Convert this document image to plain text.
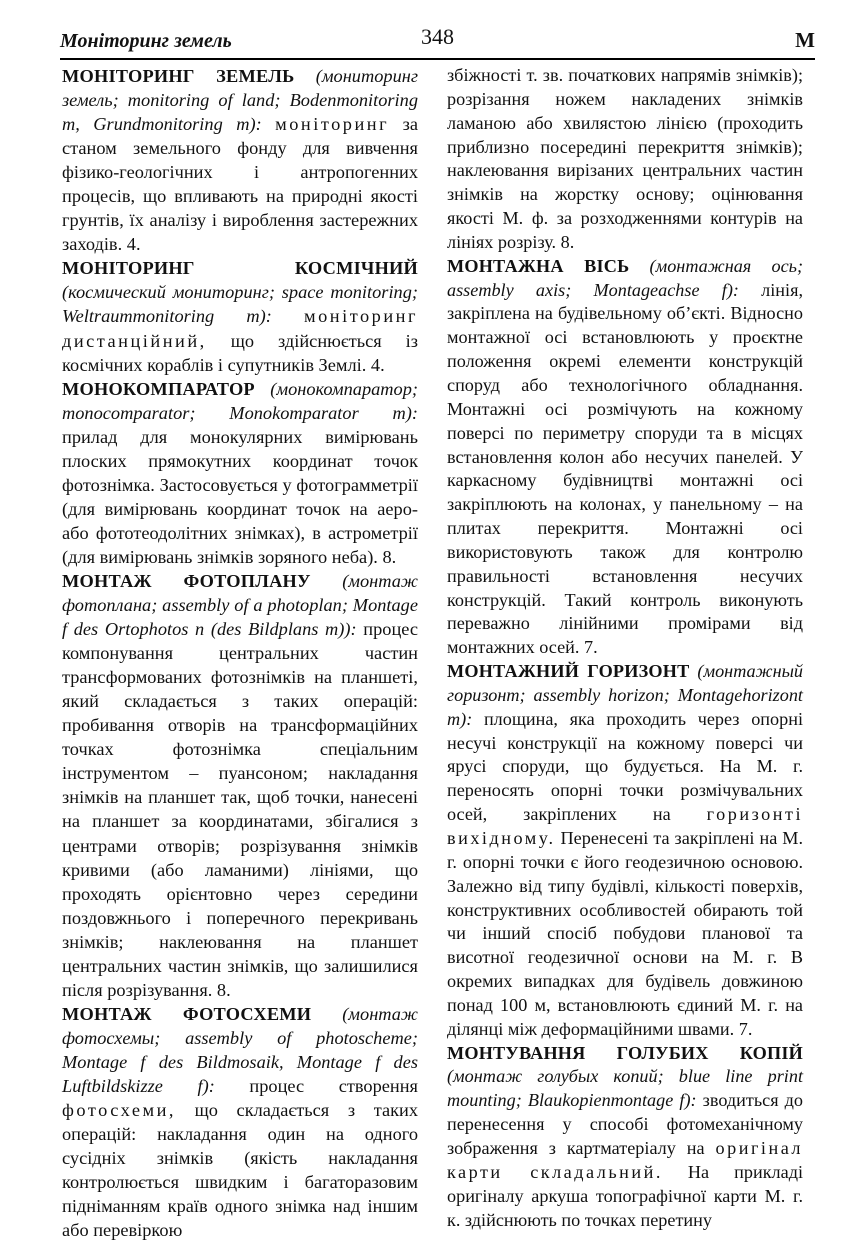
Моніторинг земель	348	М

МОНІТОРИНГ ЗЕМЕЛЬ (мониторинг земель; monitoring of land; Bodenmonitoring m, Grundmonitoring m): моніторинг за станом земельного фонду для вивчення фізико-геологічних і антропогенних процесів, що впливають на природні якості грунтів, їх аналізу і вироблення застережних заходів. 4.

МОНІТОРИНГ КОСМІЧНИЙ (космический мониторинг; space monitoring; Weltraummonitoring m): моніторинг дистанційний, що здійснюється із космічних кораблів і супутників Землі. 4.

МОНОКОМПАРАТОР (монокомпаратор; monocomparator; Monokomparator m): прилад для монокулярних вимірювань плоских прямокутних координат точок фотознімка. Застосовується у фотограмметрії (для вимірювань координат точок на аеро- або фототеодолітних знімках), в астрометрії (для вимірювань знімків зоряного неба). 8.

МОНТАЖ ФОТОПЛАНУ (монтаж фотоплана; assembly of a photoplan; Montage f des Ortophotos n (des Bildplans m)): процес компонування центральних частин трансформованих фотознімків на планшеті, який складається з таких операцій: пробивання отворів на трансформаційних точках фотознімка спеціальним інструментом – пуансоном; накладання знімків на планшет так, щоб точки, нанесені на планшет за координатами, збігалися з центрами отворів; розрізування знімків кривими (або ламаними) лініями, що проходять орієнтовно через середини поздовжнього і поперечного перекривань знімків; наклеювання на планшет центральних частин знімків, що залишилися після розрізування. 8.

МОНТАЖ ФОТОСХЕМИ (монтаж фотосхемы; assembly of photoscheme; Montage f des Bildmosaik, Montage f des Luftbildskizze f): процес створення фотосхеми, що складається з таких операцій: накладання один на одного сусідніх знімків (якість накладання контролюється швидким і багаторазовим підніманням країв одного знімка над іншим або перевіркою

збіжності т. зв. початкових напрямів знімків); розрізання ножем накладених знімків ламаною або хвилястою лінією (проходить приблизно посередині перекриття знімків); наклеювання вирізаних центральних частин знімків на жорстку основу; оцінювання якості М. ф. за розходженнями контурів на лініях розрізу. 8.

МОНТАЖНА ВІСЬ (монтажная ось; assembly axis; Montageachse f): лінія, закріплена на будівельному об’єкті. Відносно монтажної осі встановлюють у проєктне положення окремі елементи конструкцій споруд або технологічного обладнання. Монтажні осі розмічують на кожному поверсі по периметру споруди та в місцях встановлення колон або несучих панелей. У каркасному будівництві монтажні осі закріплюють на колонах, у панельному – на плитах перекриття. Монтажні осі використовують також для контролю правильності встановлення несучих конструкцій. Такий контроль виконують переважно лінійними промірами від монтажних осей. 7.

МОНТАЖНИЙ ГОРИЗОНТ (монтажный горизонт; assembly horizon; Montagehorizont m): площина, яка проходить через опорні несучі конструкції на кожному поверсі чи ярусі споруди, що будується. На М. г. переносять опорні точки розмічувальних осей, закріплених на горизонті вихідному. Перенесені та закріплені на М. г. опорні точки є його геодезичною основою. Залежно від типу будівлі, кількості поверхів, конструктивних особливостей обирають той чи інший спосіб побудови планової та висотної геодезичної основи на М. г. В окремих випадках для будівель довжиною понад 100 м, встановлюють єдиний М. г. на ділянці між деформаційними швами. 7.

МОНТУВАННЯ ГОЛУБИХ КОПІЙ (монтаж голубых копий; blue line print mounting; Blaukopienmontage f): зводиться до перенесення у способі фотомеханічному зображення з картматеріалу на оригінал карти складальний. На прикладі оригіналу аркуша топографічної карти М. г. к. здійснюють по точках перетину
